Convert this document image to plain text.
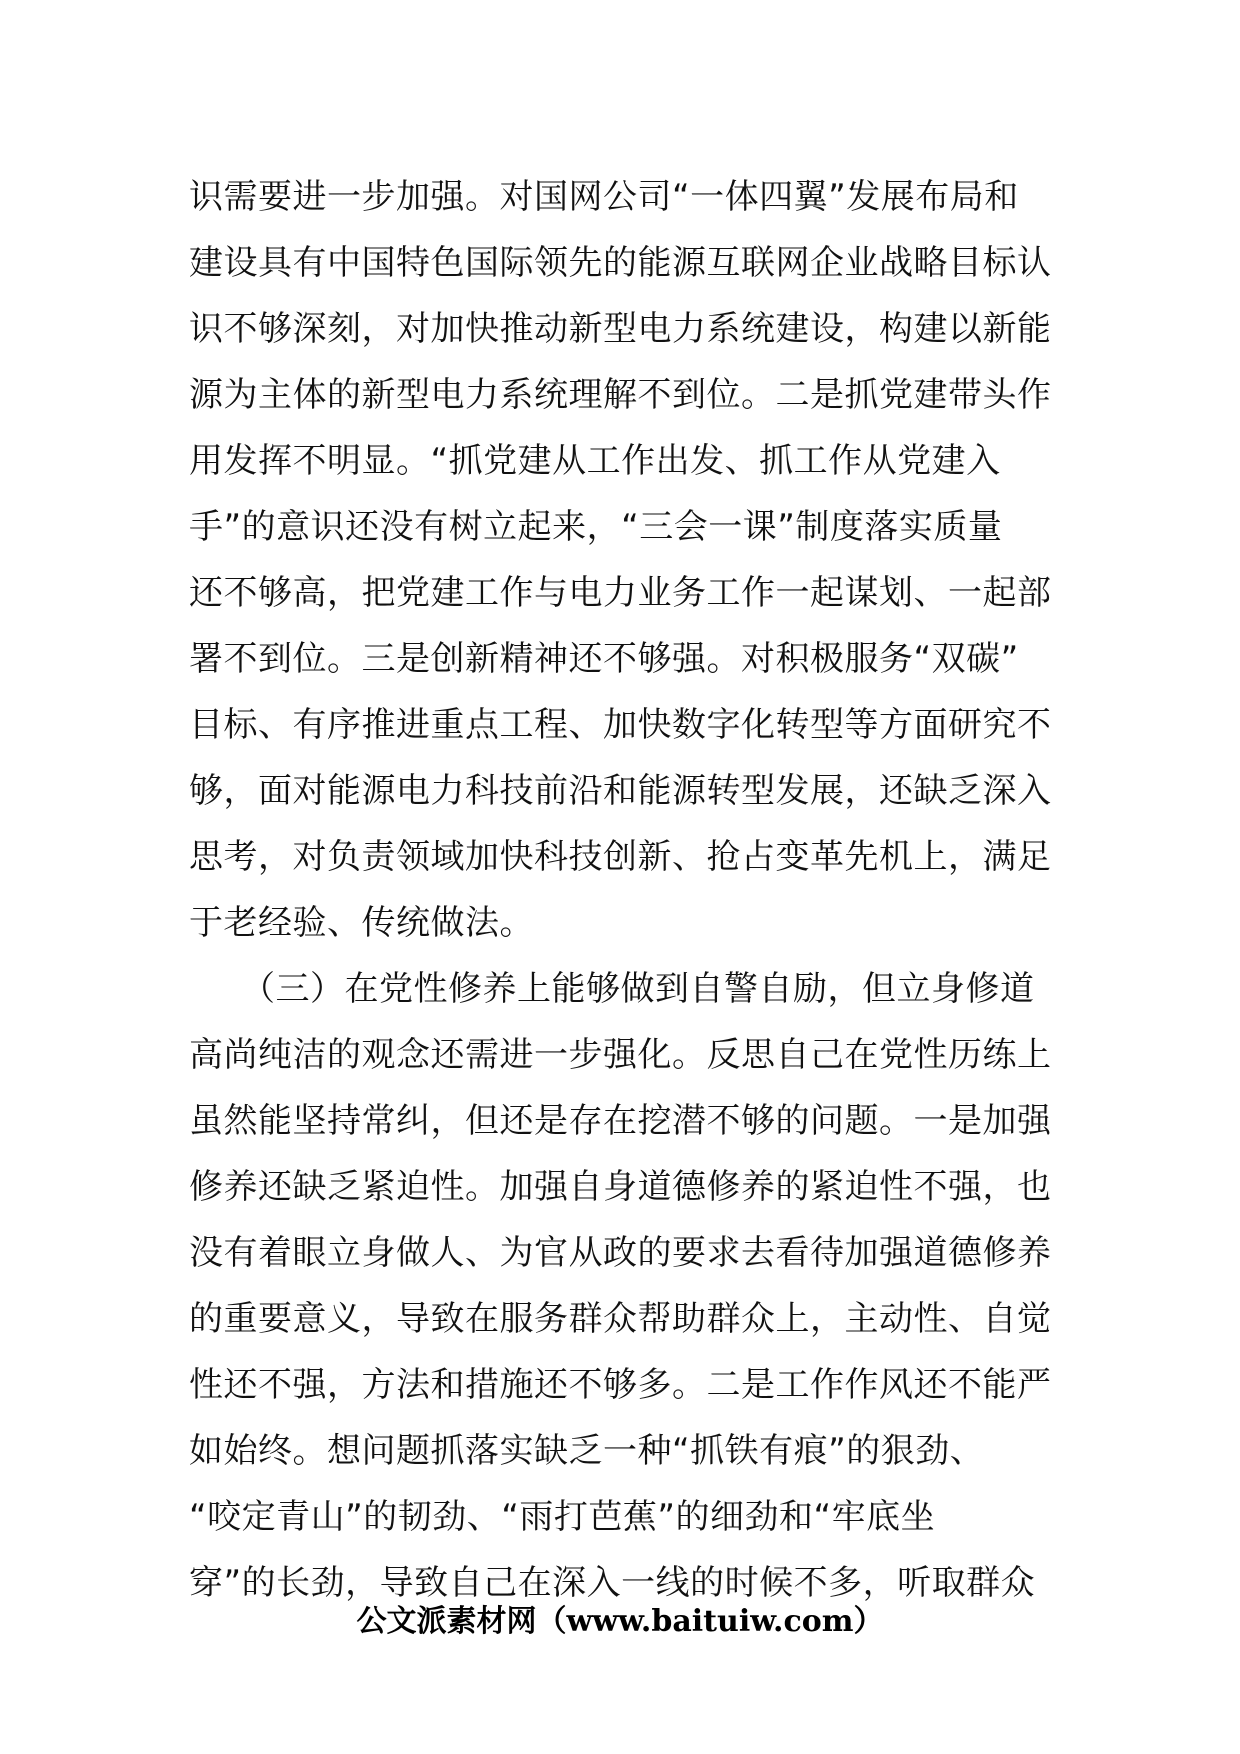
识需要进一步加强。对国网公司“一体四翼”发展布局和
建设具有中国特色国际领先的能源互联网企业战略目标认
识不够深刻，对加快推动新型电力系统建设，构建以新能
源为主体的新型电力系统理解不到位。二是抓党建带头作
用发挥不明显。“抓党建从工作出发、抓工作从党建入
手”的意识还没有树立起来，“三会一课”制度落实质量
还不够高，把党建工作与电力业务工作一起谋划、一起部
署不到位。三是创新精神还不够强。对积极服务“双碳”
目标、有序推进重点工程、加快数字化转型等方面研究不
够，面对能源电力科技前沿和能源转型发展，还缺乏深入
思考，对负责领域加快科技创新、抢占变革先机上，满足
于老经验、传统做法。
　　（三）在党性修养上能够做到自警自励，但立身修道
高尚纯洁的观念还需进一步强化。反思自己在党性历练上
虽然能坚持常纠，但还是存在挖潜不够的问题。一是加强
修养还缺乏紧迫性。加强自身道德修养的紧迫性不强，也
没有着眼立身做人、为官从政的要求去看待加强道德修养
的重要意义，导致在服务群众帮助群众上，主动性、自觉
性还不强，方法和措施还不够多。二是工作作风还不能严
如始终。想问题抓落实缺乏一种“抓铁有痕”的狠劲、
“咬定青山”的韧劲、“雨打芭蕉”的细劲和“牢底坐
穿”的长劲，导致自己在深入一线的时候不多，听取群众
公文派素材网（www.baituiw.com）
